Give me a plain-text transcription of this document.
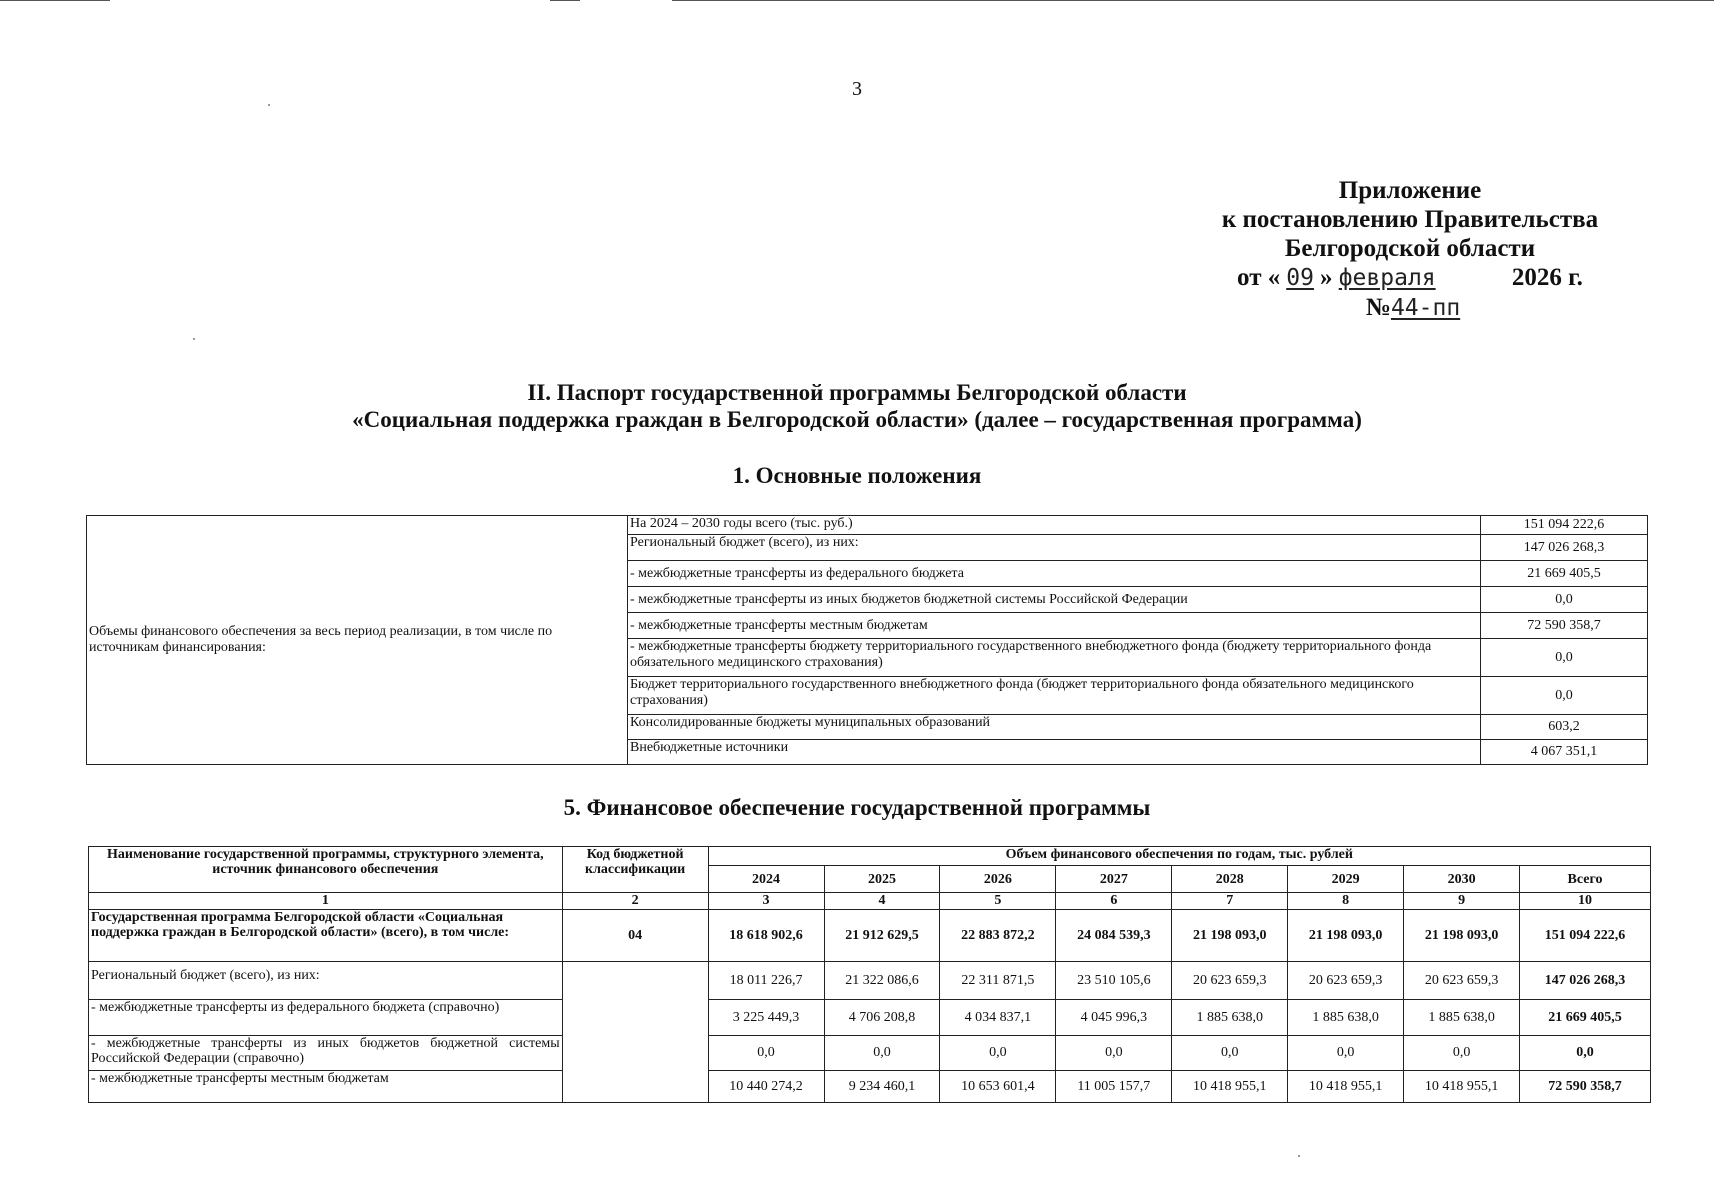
3
Приложение
к постановлению Правительства
Белгородской области
от « 09 » февраля	2026 г.
№44-пп
II. Паспорт государственной программы Белгородской области
«Социальная поддержка граждан в Белгородской области» (далее – государственная программа)
1. Основные положения
Объемы финансового обеспечения за весь период реализации, в том числе по источникам финансирования:	На 2024 – 2030 годы всего (тыс. руб.)	151 094 222,6
	Региональный бюджет (всего), из них:	147 026 268,3
	- межбюджетные трансферты из федерального бюджета	21 669 405,5
	- межбюджетные трансферты из иных бюджетов бюджетной системы Российской Федерации	0,0
	- межбюджетные трансферты местным бюджетам	72 590 358,7
	- межбюджетные трансферты бюджету территориального государственного внебюджетного фонда (бюджету территориального фонда обязательного медицинского страхования)	0,0
	Бюджет территориального государственного внебюджетного фонда (бюджет территориального фонда обязательного медицинского страхования)	0,0
	Консолидированные бюджеты муниципальных образований	603,2
	Внебюджетные источники	4 067 351,1
5. Финансовое обеспечение государственной программы
Наименование государственной программы, структурного элемента, источник финансового обеспечения	Код бюджетной классификации	Объем финансового обеспечения по годам, тыс. рублей							
		2024	2025	2026	2027	2028	2029	2030	Всего
1	2	3	4	5	6	7	8	9	10
Государственная программа Белгородской области «Социальная поддержка граждан в Белгородской области» (всего), в том числе:	04	18 618 902,6	21 912 629,5	22 883 872,2	24 084 539,3	21 198 093,0	21 198 093,0	21 198 093,0	151 094 222,6
Региональный бюджет (всего), из них:		18 011 226,7	21 322 086,6	22 311 871,5	23 510 105,6	20 623 659,3	20 623 659,3	20 623 659,3	147 026 268,3
- межбюджетные трансферты из федерального бюджета (справочно)		3 225 449,3	4 706 208,8	4 034 837,1	4 045 996,3	1 885 638,0	1 885 638,0	1 885 638,0	21 669 405,5
- межбюджетные трансферты из иных бюджетов бюджетной системы Российской Федерации (справочно)		0,0	0,0	0,0	0,0	0,0	0,0	0,0	0,0
- межбюджетные трансферты местным бюджетам		10 440 274,2	9 234 460,1	10 653 601,4	11 005 157,7	10 418 955,1	10 418 955,1	10 418 955,1	72 590 358,7
